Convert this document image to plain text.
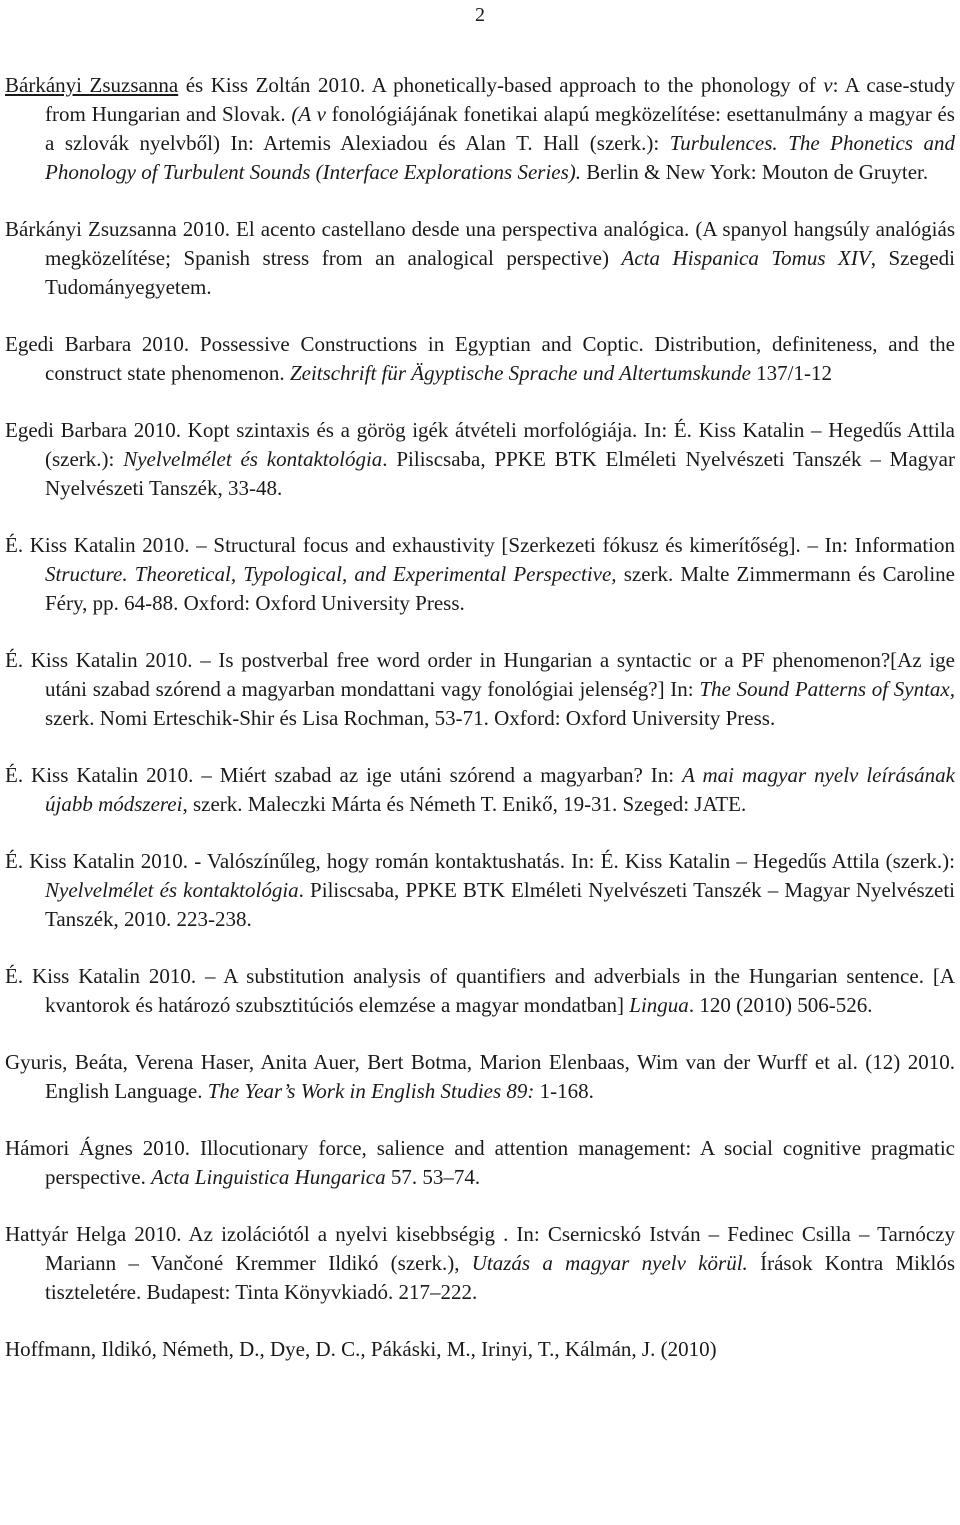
2

Bárkányi Zsuzsanna és Kiss Zoltán 2010. A phonetically-based approach to the phonology of v: A case-study from Hungarian and Slovak. (A v fonológiájának fonetikai alapú megközelítése: esettanulmány a magyar és a szlovák nyelvből) In: Artemis Alexiadou és Alan T. Hall (szerk.): Turbulences. The Phonetics and Phonology of Turbulent Sounds (Interface Explorations Series). Berlin & New York: Mouton de Gruyter.

Bárkányi Zsuzsanna 2010. El acento castellano desde una perspectiva analógica. (A spanyol hangsúly analógiás megközelítése; Spanish stress from an analogical perspective) Acta Hispanica Tomus XIV, Szegedi Tudományegyetem.

Egedi Barbara 2010. Possessive Constructions in Egyptian and Coptic. Distribution, definiteness, and the construct state phenomenon. Zeitschrift für Ägyptische Sprache und Altertumskunde 137/1-12

Egedi Barbara 2010. Kopt szintaxis és a görög igék átvételi morfológiája. In: É. Kiss Katalin – Hegedűs Attila (szerk.): Nyelvelmélet és kontaktológia. Piliscsaba, PPKE BTK Elméleti Nyelvészeti Tanszék – Magyar Nyelvészeti Tanszék, 33-48.

É. Kiss Katalin 2010. – Structural focus and exhaustivity [Szerkezeti fókusz és kimerítőség]. – In: Information Structure. Theoretical, Typological, and Experimental Perspective, szerk. Malte Zimmermann és Caroline Féry, pp. 64-88. Oxford: Oxford University Press.

É. Kiss Katalin 2010. – Is postverbal free word order in Hungarian a syntactic or a PF phenomenon?[Az ige utáni szabad szórend a magyarban mondattani vagy fonológiai jelenség?] In: The Sound Patterns of Syntax, szerk. Nomi Erteschik-Shir és Lisa Rochman, 53-71. Oxford: Oxford University Press.

É. Kiss Katalin 2010. – Miért szabad az ige utáni szórend a magyarban? In: A mai magyar nyelv leírásának újabb módszerei, szerk. Maleczki Márta és Németh T. Enikő, 19-31. Szeged: JATE.

É. Kiss Katalin 2010. - Valószínűleg, hogy román kontaktushatás. In: É. Kiss Katalin – Hegedűs Attila (szerk.): Nyelvelmélet és kontaktológia. Piliscsaba, PPKE BTK Elméleti Nyelvészeti Tanszék – Magyar Nyelvészeti Tanszék, 2010. 223-238.

É. Kiss Katalin 2010. – A substitution analysis of quantifiers and adverbials in the Hungarian sentence. [A kvantorok és határozó szubsztitúciós elemzése a magyar mondatban] Lingua. 120 (2010) 506-526.

Gyuris, Beáta, Verena Haser, Anita Auer, Bert Botma, Marion Elenbaas, Wim van der Wurff et al. (12) 2010. English Language. The Year’s Work in English Studies 89: 1-168.

Hámori Ágnes 2010. Illocutionary force, salience and attention management: A social cognitive pragmatic perspective. Acta Linguistica Hungarica 57. 53–74.

Hattyár Helga 2010. Az izolációtól a nyelvi kisebbségig . In: Csernicskó István – Fedinec Csilla – Tarnóczy Mariann – Vančoné Kremmer Ildikó (szerk.), Utazás a magyar nyelv körül. Írások Kontra Miklós tiszteletére. Budapest: Tinta Könyvkiadó. 217–222.

Hoffmann, Ildikó, Németh, D., Dye, D. C., Pákáski, M., Irinyi, T., Kálmán, J. (2010)
